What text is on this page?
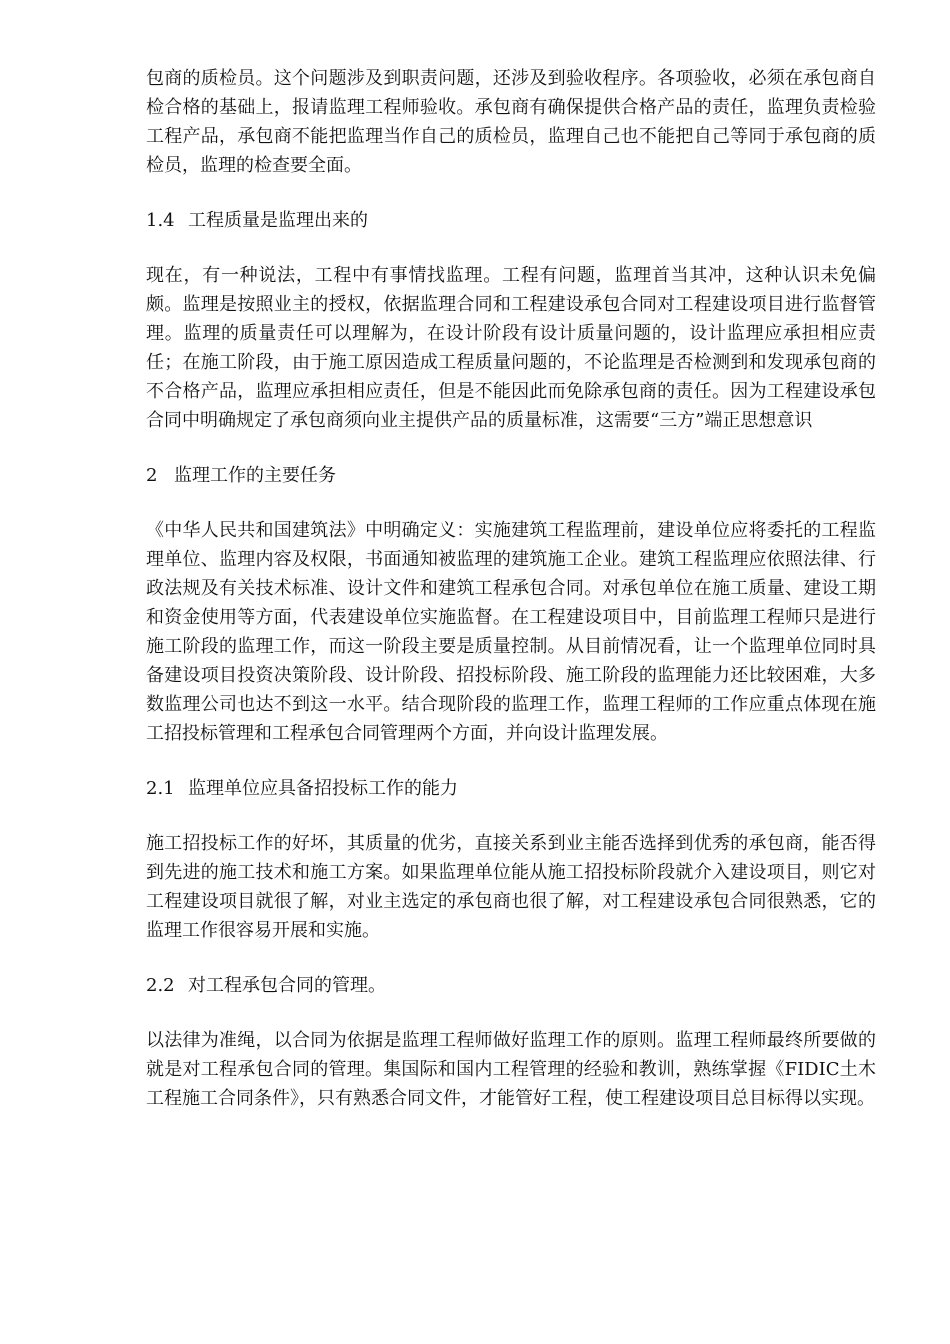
包商的质检员。这个问题涉及到职责问题，还涉及到验收程序。各项验收，必须在承包商自检合格的基础上，报请监理工程师验收。承包商有确保提供合格产品的责任，监理负责检验工程产品，承包商不能把监理当作自己的质检员，监理自己也不能把自己等同于承包商的质检员，监理的检查要全面。

1.4 工程质量是监理出来的

现在，有一种说法，工程中有事情找监理。工程有问题，监理首当其冲，这种认识未免偏颇。监理是按照业主的授权，依据监理合同和工程建设承包合同对工程建设项目进行监督管理。监理的质量责任可以理解为，在设计阶段有设计质量问题的，设计监理应承担相应责任；在施工阶段，由于施工原因造成工程质量问题的，不论监理是否检测到和发现承包商的不合格产品，监理应承担相应责任，但是不能因此而免除承包商的责任。因为工程建设承包合同中明确规定了承包商须向业主提供产品的质量标准，这需要“三方”端正思想意识

2 监理工作的主要任务

《中华人民共和国建筑法》中明确定义：实施建筑工程监理前，建设单位应将委托的工程监理单位、监理内容及权限，书面通知被监理的建筑施工企业。建筑工程监理应依照法律、行政法规及有关技术标准、设计文件和建筑工程承包合同。对承包单位在施工质量、建设工期和资金使用等方面，代表建设单位实施监督。在工程建设项目中，目前监理工程师只是进行施工阶段的监理工作，而这一阶段主要是质量控制。从目前情况看，让一个监理单位同时具备建设项目投资决策阶段、设计阶段、招投标阶段、施工阶段的监理能力还比较困难，大多数监理公司也达不到这一水平。结合现阶段的监理工作，监理工程师的工作应重点体现在施工招投标管理和工程承包合同管理两个方面，并向设计监理发展。

2.1 监理单位应具备招投标工作的能力

施工招投标工作的好坏，其质量的优劣，直接关系到业主能否选择到优秀的承包商，能否得到先进的施工技术和施工方案。如果监理单位能从施工招投标阶段就介入建设项目，则它对工程建设项目就很了解，对业主选定的承包商也很了解，对工程建设承包合同很熟悉，它的监理工作很容易开展和实施。

2.2 对工程承包合同的管理。

以法律为准绳，以合同为依据是监理工程师做好监理工作的原则。监理工程师最终所要做的就是对工程承包合同的管理。集国际和国内工程管理的经验和教训，熟练掌握《FIDIC土木工程施工合同条件》，只有熟悉合同文件，才能管好工程，使工程建设项目总目标得以实现。
